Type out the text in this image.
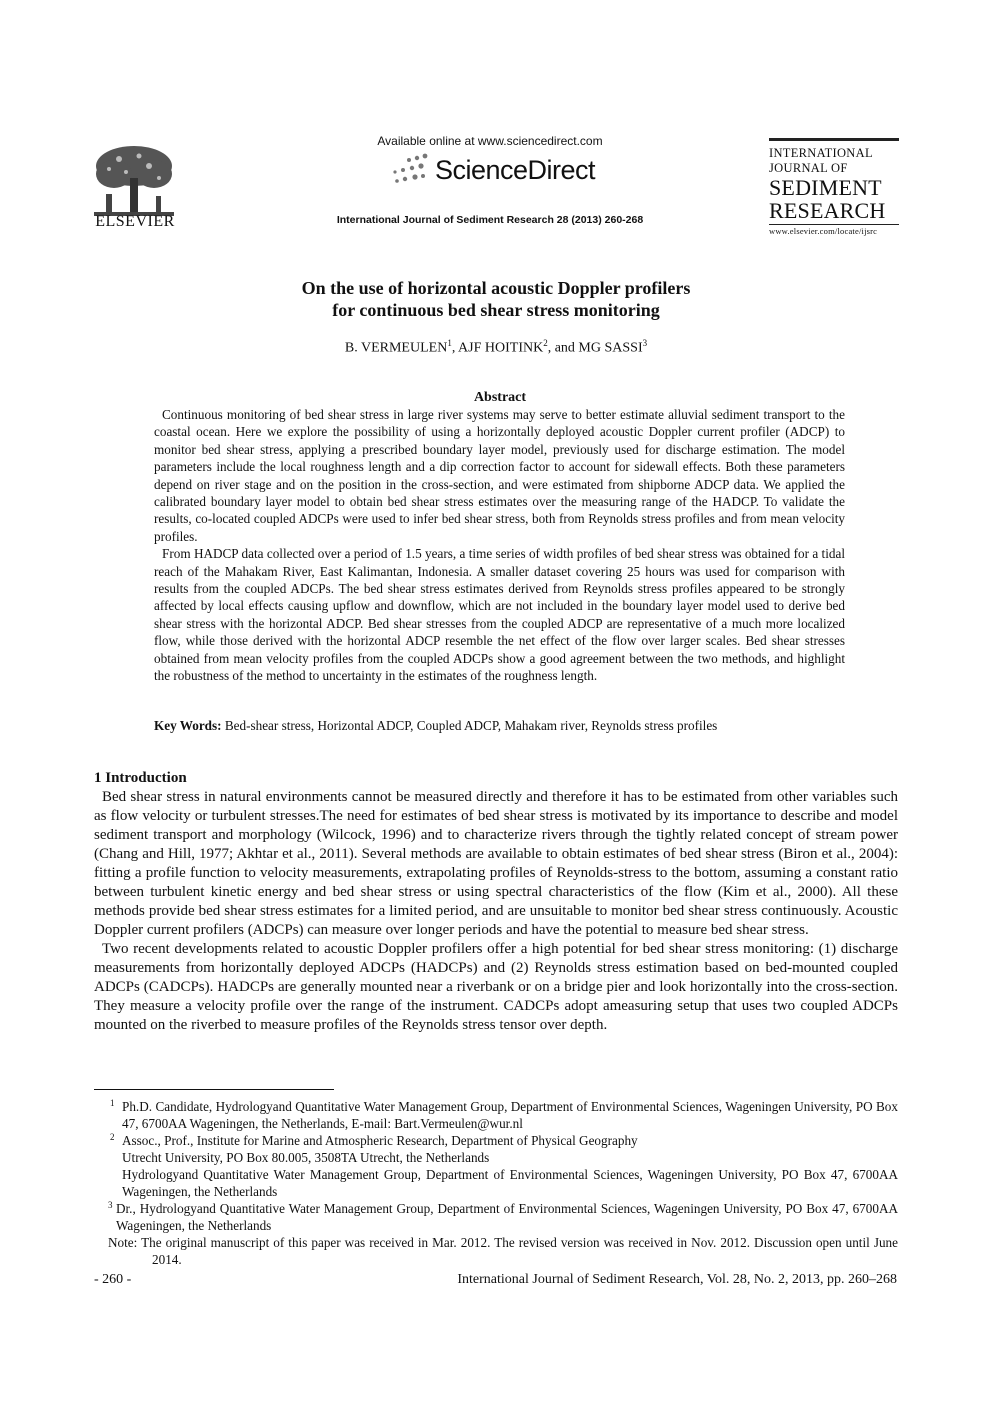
ELSEVIER
Available online at www.sciencedirect.com
ScienceDirect
International Journal of Sediment Research 28 (2013) 260-268
INTERNATIONAL
JOURNAL OF
SEDIMENT
RESEARCH
www.elsevier.com/locate/ijsrc
On the use of horizontal acoustic Doppler profilers
for continuous bed shear stress monitoring
B. VERMEULEN$^1$, AJF HOITINK$^2$, and MG SASSI$^3$
Abstract

Continuous monitoring of bed shear stress in large river systems may serve to better estimate alluvial sediment transport to the coastal ocean. Here we explore the possibility of using a horizontally deployed acoustic Doppler current profiler (ADCP) to monitor bed shear stress, applying a prescribed boundary layer model, previously used for discharge estimation. The model parameters include the local roughness length and a dip correction factor to account for sidewall effects. Both these parameters depend on river stage and on the position in the cross-section, and were estimated from shipborne ADCP data. We applied the calibrated boundary layer model to obtain bed shear stress estimates over the measuring range of the HADCP. To validate the results, co-located coupled ADCPs were used to infer bed shear stress, both from Reynolds stress profiles and from mean velocity profiles.

From HADCP data collected over a period of 1.5 years, a time series of width profiles of bed shear stress was obtained for a tidal reach of the Mahakam River, East Kalimantan, Indonesia. A smaller dataset covering 25 hours was used for comparison with results from the coupled ADCPs. The bed shear stress estimates derived from Reynolds stress profiles appeared to be strongly affected by local effects causing upflow and downflow, which are not included in the boundary layer model used to derive bed shear stress with the horizontal ADCP. Bed shear stresses from the coupled ADCP are representative of a much more localized flow, while those derived with the horizontal ADCP resemble the net effect of the flow over larger scales. Bed shear stresses obtained from mean velocity profiles from the coupled ADCPs show a good agreement between the two methods, and highlight the robustness of the method to uncertainty in the estimates of the roughness length.

Key Words: Bed-shear stress, Horizontal ADCP, Coupled ADCP, Mahakam river, Reynolds stress profiles
1 Introduction

Bed shear stress in natural environments cannot be measured directly and therefore it has to be estimated from other variables such as flow velocity or turbulent stresses.The need for estimates of bed shear stress is motivated by its importance to describe and model sediment transport and morphology (Wilcock, 1996) and to characterize rivers through the tightly related concept of stream power (Chang and Hill, 1977; Akhtar et al., 2011). Several methods are available to obtain estimates of bed shear stress (Biron et al., 2004): fitting a profile function to velocity measurements, extrapolating profiles of Reynolds-stress to the bottom, assuming a constant ratio between turbulent kinetic energy and bed shear stress or using spectral characteristics of the flow (Kim et al., 2000). All these methods provide bed shear stress estimates for a limited period, and are unsuitable to monitor bed shear stress continuously. Acoustic Doppler current profilers (ADCPs) can measure over longer periods and have the potential to measure bed shear stress.

Two recent developments related to acoustic Doppler profilers offer a high potential for bed shear stress monitoring: (1) discharge measurements from horizontally deployed ADCPs (HADCPs) and (2) Reynolds stress estimation based on bed-mounted coupled ADCPs (CADCPs). HADCPs are generally mounted near a riverbank or on a bridge pier and look horizontally into the cross-section. They measure a velocity profile over the range of the instrument. CADCPs adopt ameasuring setup that uses two coupled ADCPs mounted on the riverbed to measure profiles of the Reynolds stress tensor over depth.

1 Ph.D. Candidate, Hydrologyand Quantitative Water Management Group, Department of Environmental Sciences, Wageningen University, PO Box 47, 6700AA Wageningen, the Netherlands, E-mail: Bart.Vermeulen@wur.nl
2 Assoc., Prof., Institute for Marine and Atmospheric Research, Department of Physical Geography
Utrecht University, PO Box 80.005, 3508TA Utrecht, the Netherlands
Hydrologyand Quantitative Water Management Group, Department of Environmental Sciences, Wageningen University, PO Box 47, 6700AA Wageningen, the Netherlands
3 Dr., Hydrologyand Quantitative Water Management Group, Department of Environmental Sciences, Wageningen University, PO Box 47, 6700AA Wageningen, the Netherlands
Note: The original manuscript of this paper was received in Mar. 2012. The revised version was received in Nov. 2012. Discussion open until June 2014.
- 260 -	International Journal of Sediment Research, Vol. 28, No. 2, 2013, pp. 260–268
